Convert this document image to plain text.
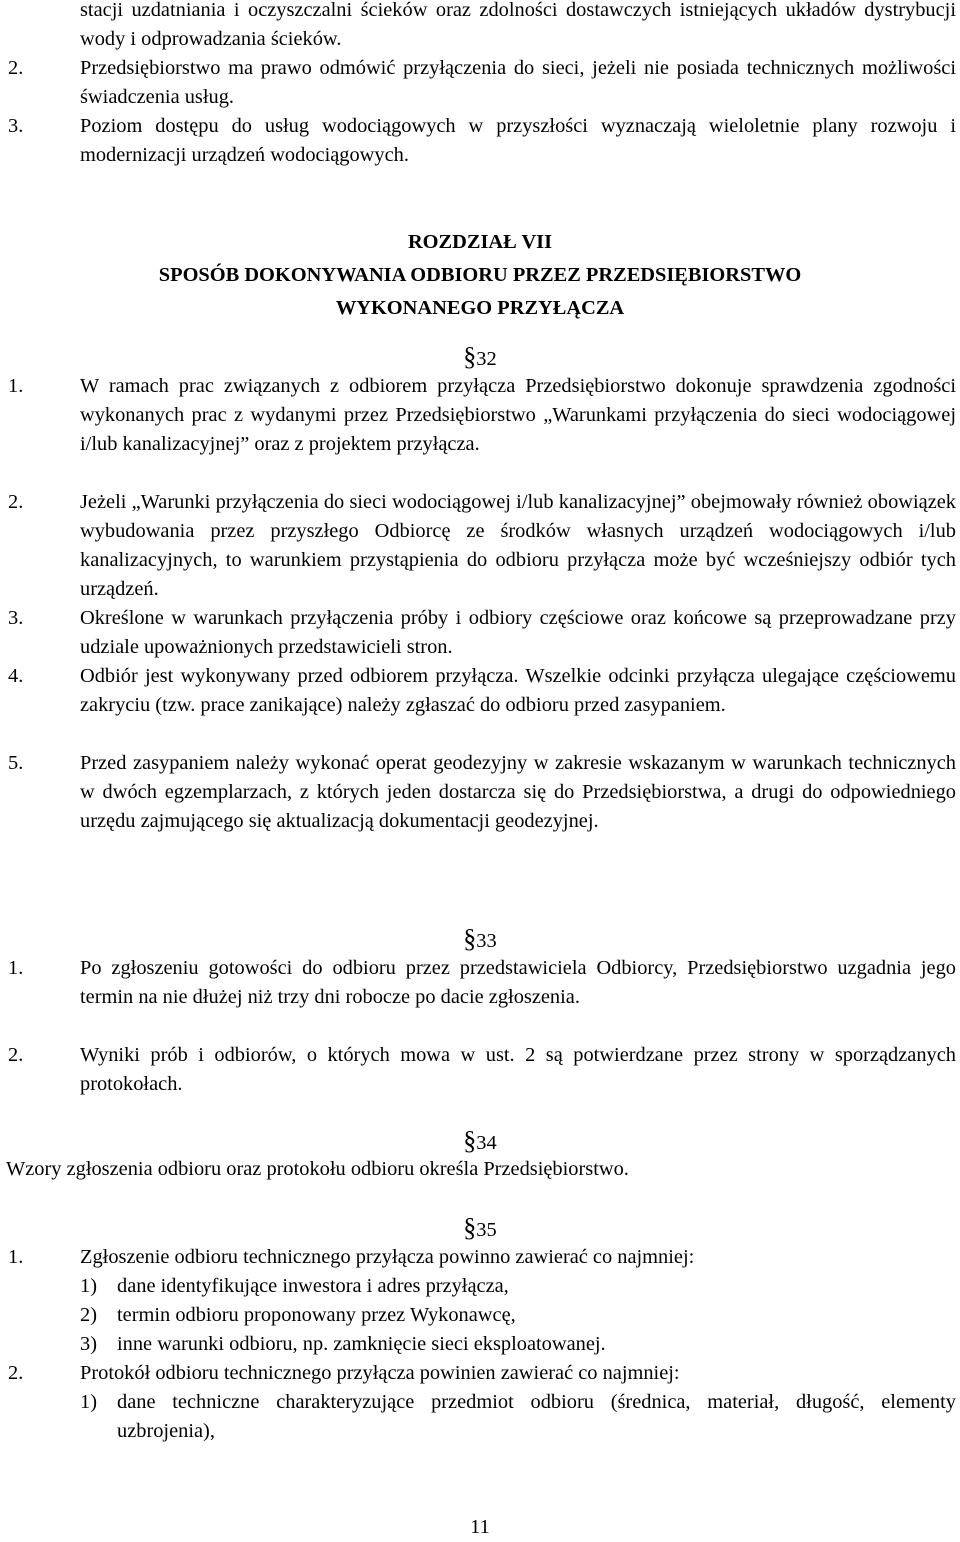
stacji uzdatniania i oczyszczalni ścieków oraz zdolności dostawczych istniejących układów dystrybucji wody i odprowadzania ścieków.
2.	Przedsiębiorstwo ma prawo odmówić przyłączenia do sieci, jeżeli nie posiada technicznych możliwości świadczenia usług.
3.	Poziom dostępu do usług wodociągowych w przyszłości wyznaczają wieloletnie plany rozwoju i modernizacji urządzeń wodociągowych.
ROZDZIAŁ VII
SPOSÓB DOKONYWANIA ODBIORU PRZEZ PRZEDSIĘBIORSTWO
WYKONANEGO PRZYŁĄCZA
§32
1.	W ramach prac związanych z odbiorem przyłącza Przedsiębiorstwo dokonuje sprawdzenia zgodności wykonanych prac z wydanymi przez Przedsiębiorstwo „Warunkami przyłączenia do sieci wodociągowej i/lub kanalizacyjnej” oraz z projektem przyłącza.
2.	Jeżeli „Warunki przyłączenia do sieci wodociągowej i/lub kanalizacyjnej” obejmowały również obowiązek wybudowania przez przyszłego Odbiorcę ze środków własnych urządzeń wodociągowych i/lub kanalizacyjnych, to warunkiem przystąpienia do odbioru przyłącza może być wcześniejszy odbiór tych urządzeń.
3.	Określone w warunkach przyłączenia próby i odbiory częściowe oraz końcowe są przeprowadzane przy udziale upoważnionych przedstawicieli stron.
4.	Odbiór jest wykonywany przed odbiorem przyłącza. Wszelkie odcinki przyłącza ulegające częściowemu zakryciu (tzw. prace zanikające) należy zgłaszać do odbioru przed zasypaniem.
5.	Przed zasypaniem należy wykonać operat geodezyjny w zakresie wskazanym w warunkach technicznych w dwóch egzemplarzach, z których jeden dostarcza się do Przedsiębiorstwa, a drugi do odpowiedniego urzędu zajmującego się aktualizacją dokumentacji geodezyjnej.
§33
1.	Po zgłoszeniu gotowości do odbioru przez przedstawiciela Odbiorcy, Przedsiębiorstwo uzgadnia jego termin na nie dłużej niż trzy dni robocze po dacie zgłoszenia.
2.	Wyniki prób i odbiorów, o których mowa w ust. 2 są potwierdzane przez strony w sporządzanych protokołach.
§34
Wzory zgłoszenia odbioru oraz protokołu odbioru określa Przedsiębiorstwo.
§35
1.	Zgłoszenie odbioru technicznego przyłącza powinno zawierać co najmniej:
1) dane identyfikujące inwestora i adres przyłącza,
2) termin odbioru proponowany przez Wykonawcę,
3) inne warunki odbioru, np. zamknięcie sieci eksploatowanej.
2.	Protokół odbioru technicznego przyłącza powinien zawierać co najmniej:
1) dane techniczne charakteryzujące przedmiot odbioru (średnica, materiał, długość, elementy uzbrojenia),
11
